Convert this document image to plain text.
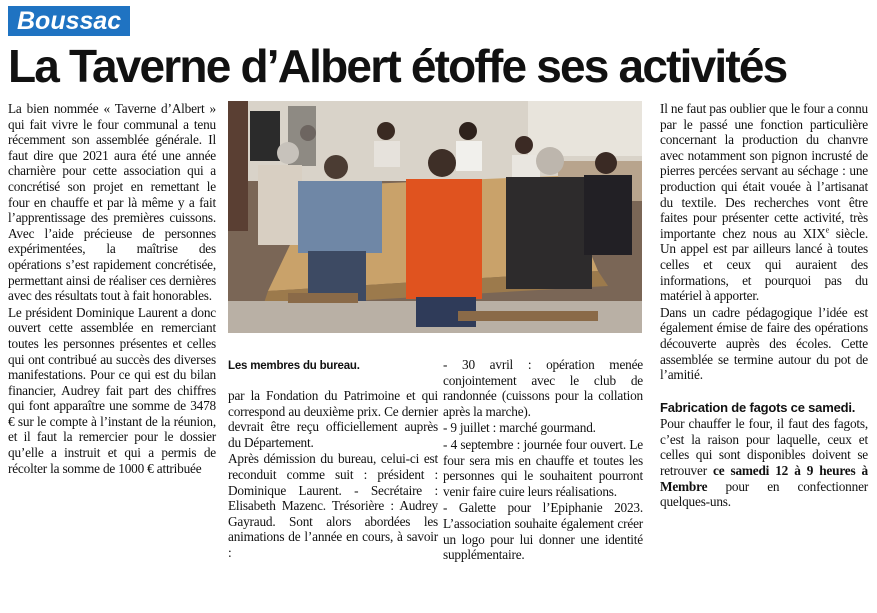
Boussac
La Taverne d’Albert étoffe ses activités

La bien nommée « Taverne d’Albert » qui fait vivre le four communal a tenu récemment son assemblée générale. Il faut dire que 2021 aura été une année charnière pour cette association qui a concrétisé son projet en remettant le four en chauffe et par là même y a fait l’apprentissage des premières cuissons. Avec l’aide précieuse de personnes expérimentées, la maîtrise des opérations s’est rapidement concrétisée, permettant ainsi de réaliser ces dernières avec des résultats tout à fait honorables.

Le président Dominique Laurent a donc ouvert cette assemblée en remerciant toutes les personnes présentes et celles qui ont contribué au succès des diverses manifestations. Pour ce qui est du bilan financier, Audrey fait part des chiffres qui font apparaître une somme de 3478 € sur le compte à l’instant de la réunion, et il faut la remercier pour le dossier qu’elle a instruit et qui a permis de récolter la somme de 1000 € attribuée

Les membres du bureau.

par la Fondation du Patrimoine et qui correspond au deuxième prix. Ce dernier devrait être reçu officiellement auprès du Département.

Après démission du bureau, celui-ci est reconduit comme suit : président : Dominique Laurent. - Secrétaire : Elisabeth Mazenc. Trésorière : Audrey Gayraud. Sont alors abordées les animations de l’année en cours, à savoir :

- 30 avril : opération menée conjointement avec le club de randonnée (cuissons pour la collation après la marche).

- 9 juillet : marché gourmand.

- 4 septembre : journée four ouvert. Le four sera mis en chauffe et toutes les personnes qui le souhaitent pourront venir faire cuire leurs réalisations.

- Galette pour l’Epiphanie 2023. L’association souhaite également créer un logo pour lui donner une identité supplémentaire.

Il ne faut pas oublier que le four a connu par le passé une fonction particulière concernant la production du chanvre avec notamment son pignon incrusté de pierres percées servant au séchage : une production qui était vouée à l’artisanat du textile. Des recherches vont être faites pour présenter cette activité, très importante chez nous au XIXe siècle. Un appel est par ailleurs lancé à toutes celles et ceux qui auraient des informations, et pourquoi pas du matériel à apporter.

Dans un cadre pédagogique l’idée est également émise de faire des opérations découverte auprès des écoles. Cette assemblée se termine autour du pot de l’amitié.

Fabrication de fagots ce samedi.

Pour chauffer le four, il faut des fagots, c’est la raison pour laquelle, ceux et celles qui sont disponibles doivent se retrouver ce samedi 12 à 9 heures à Membre pour en confectionner quelques-uns.
